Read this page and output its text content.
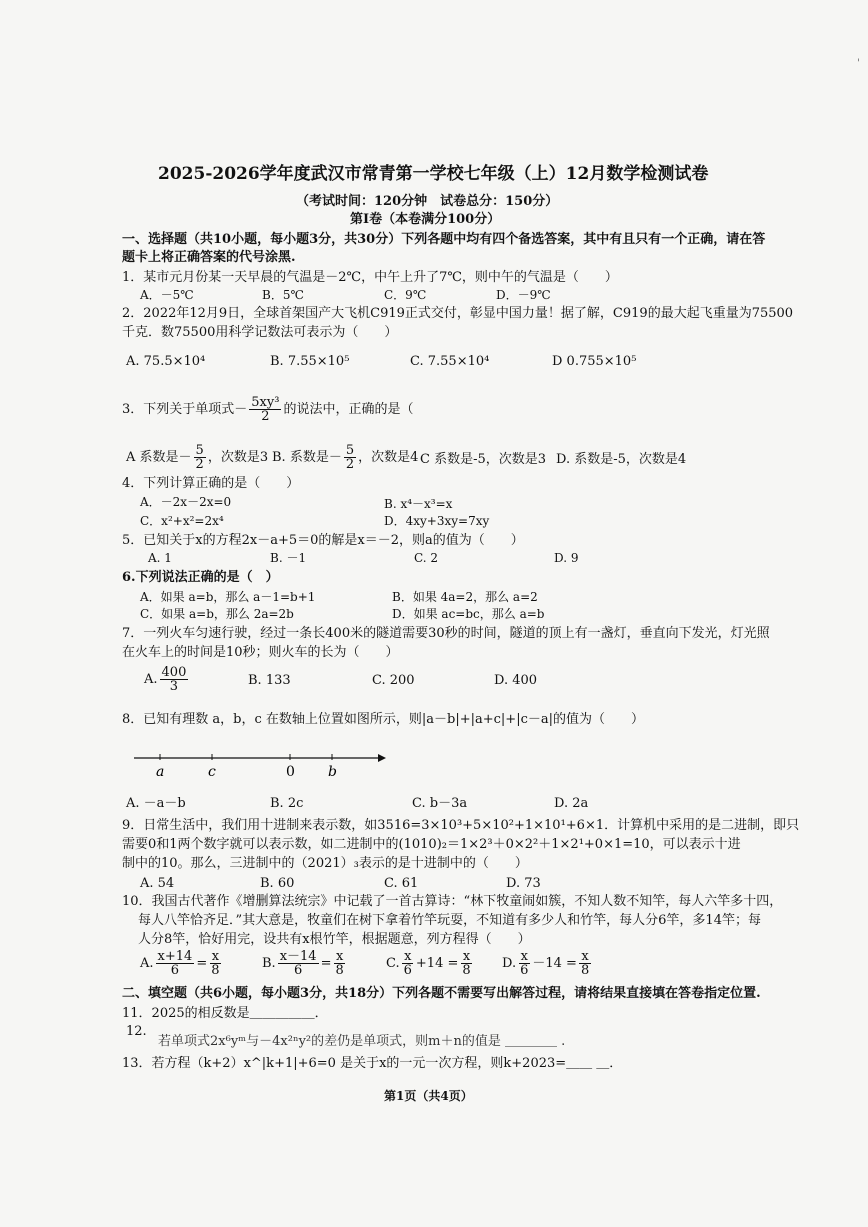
'
2025-2026学年度武汉市常青第一学校七年级（上）12月数学检测试卷
（考试时间：120分钟　试卷总分：150分）
第Ⅰ卷（本卷满分100分）
一、选择题（共10小题，每小题3分，共30分）下列各题中均有四个备选答案，其中有且只有一个正确，请在答
题卡上将正确答案的代号涂黑.
1．某市元月份某一天早晨的气温是－2℃，中午上升了7℃，则中午的气温是（　　）
A．－5℃	B．5℃	C．9℃	D．－9℃
2．2022年12月9日，全球首架国产大飞机C919正式交付，彰显中国力量！据了解，C919的最大起飞重量为75500
千克．数75500用科学记数法可表示为（　　）
A. 75.5×10⁴	B. 7.55×10⁵	C. 7.55×10⁴	D 0.755×10⁵
3．下列关于单项式－ $\frac{\text{5xy³}}{2}$ 的说法中，正确的是（
A 系数是－ $\frac{5}{2}$ ，次数是3 B. 系数是－ $\frac{5}{2}$ ，次数是4 C 系数是-5，次数是3 D. 系数是-5，次数是4
4．下列计算正确的是（　　）
A．－2x－2x=0	B. x⁴－x³=x
C．x²+x²=2x⁴	D．4xy+3xy=7xy
5．已知关于x的方程2x－a+5＝0的解是x＝－2，则a的值为（　　）
A. 1	B. －1	C. 2	D. 9
6.下列说法正确的是（　）
A．如果 a=b，那么 a－1=b+1	B．如果 4a=2，那么 a=2
C．如果 a=b，那么 2a=2b	D．如果 ac=bc，那么 a=b
7．一列火车匀速行驶，经过一条长400米的隧道需要30秒的时间，隧道的顶上有一盏灯，垂直向下发光，灯光照
在火车上的时间是10秒；则火车的长为（　　）
A. $\frac{400}{3}$	B. 133	C. 200	D. 400
8．已知有理数 a，b，c 在数轴上位置如图所示，则|a－b|+|a+c|+|c－a|的值为（　　）
a	c	0 b
A. －a－b	B. 2c	C. b－3a	D. 2a
9．日常生活中，我们用十进制来表示数，如3516=3×10³+5×10²+1×10¹+6×1．计算机中采用的是二进制，即只
需要0和1两个数字就可以表示数，如二进制中的(1010)₂＝1×2³＋0×2²＋1×2¹+0×1=10，可以表示十进
制中的10。那么，三进制中的（2021）₃表示的是十进制中的（　　）
A. 54	B. 60	C. 61	D. 73
10．我国古代著作《增删算法统宗》中记载了一首古算诗：“林下牧童闹如簇，不知人数不知竿，每人六竿多十四，
每人八竿恰齐足．”其大意是，牧童们在树下拿着竹竿玩耍，不知道有多少人和竹竿，每人分6竿，多14竿；每
人分8竿，恰好用完，设共有x根竹竿，根据题意，列方程得（　　）
A. $\frac{x+14}{6} = \frac{x}{8}$	B. $\frac{x-14}{6} = \frac{x}{8}$	C. $\frac{x}{6} +14 = \frac{x}{8} D$. $\frac{x}{6} -14 = \frac{x}{8}$
二、填空题（共6小题，每小题3分，共18分）下列各题不需要写出解答过程，请将结果直接填在答卷指定位置.
11．2025的相反数是＿＿＿＿＿．
12.
若单项式2x⁶yᵐ与－4x²ⁿy²的差仍是单项式，则m＋n的值是 ＿＿＿＿ .
13．若方程（k+2）x^|k+1|+6=0 是关于x的一元一次方程，则k+2023=＿＿ ＿．
第1页（共4页）
